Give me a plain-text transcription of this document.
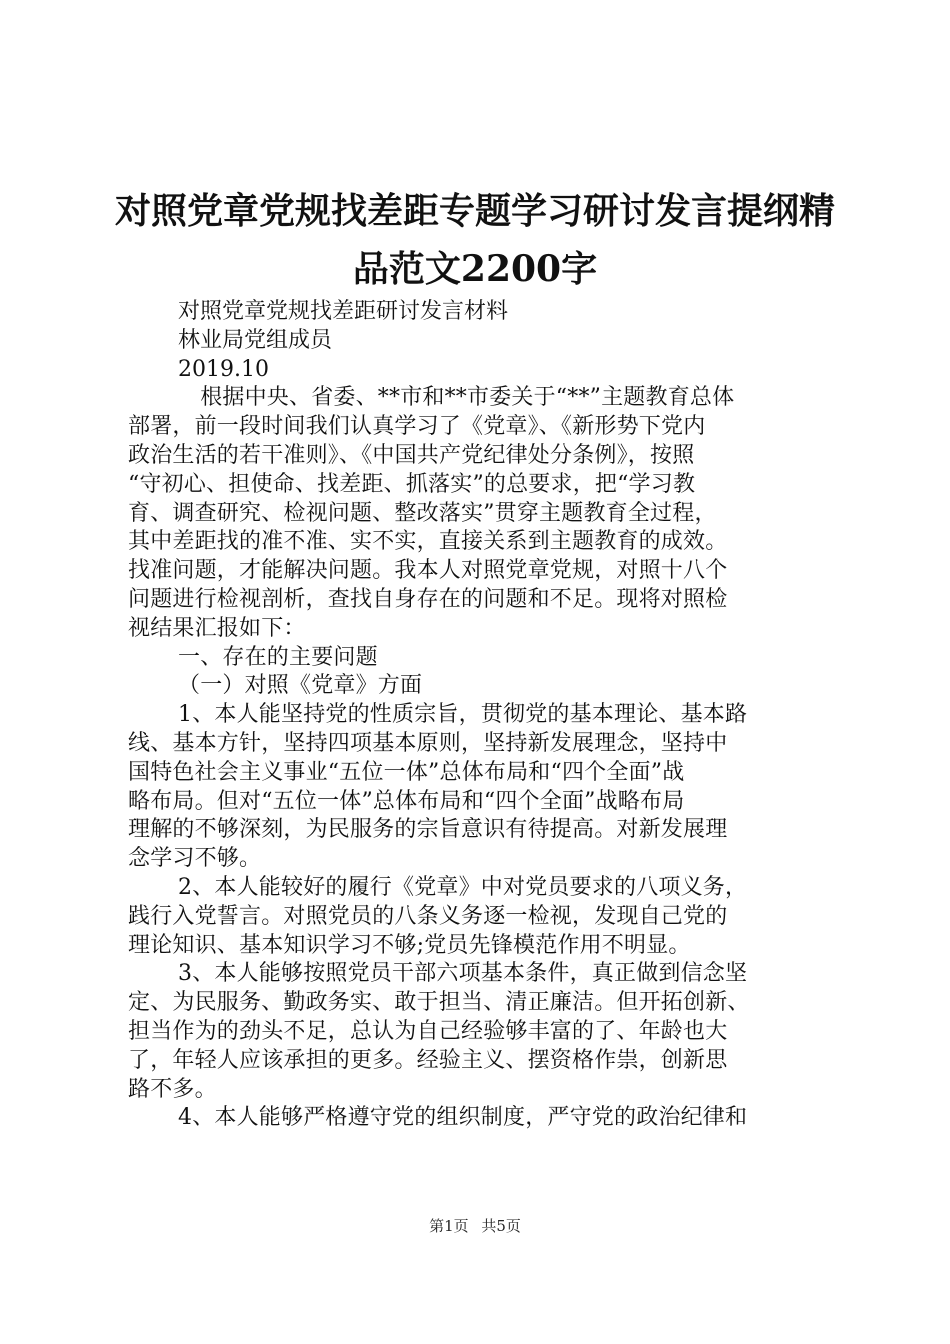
对照党章党规找差距专题学习研讨发言提纲精
品范文2200字
对照党章党规找差距研讨发言材料
林业局党组成员
2019.10
　根据中央、省委、**市和**市委关于“**”主题教育总体
部署，前一段时间我们认真学习了《党章》、《新形势下党内
政治生活的若干准则》、《中国共产党纪律处分条例》，按照
“守初心、担使命、找差距、抓落实”的总要求，把“学习教
育、调查研究、检视问题、整改落实”贯穿主题教育全过程，
其中差距找的准不准、实不实，直接关系到主题教育的成效。
找准问题，才能解决问题。我本人对照党章党规，对照十八个
问题进行检视剖析，查找自身存在的问题和不足。现将对照检
视结果汇报如下：
一、存在的主要问题
（一）对照《党章》方面
1、本人能坚持党的性质宗旨，贯彻党的基本理论、基本路
线、基本方针，坚持四项基本原则，坚持新发展理念，坚持中
国特色社会主义事业“五位一体”总体布局和“四个全面”战
略布局。但对“五位一体”总体布局和“四个全面”战略布局
理解的不够深刻，为民服务的宗旨意识有待提高。对新发展理
念学习不够。
2、本人能较好的履行《党章》中对党员要求的八项义务，
践行入党誓言。对照党员的八条义务逐一检视，发现自己党的
理论知识、基本知识学习不够;党员先锋模范作用不明显。
3、本人能够按照党员干部六项基本条件，真正做到信念坚
定、为民服务、勤政务实、敢于担当、清正廉洁。但开拓创新、
担当作为的劲头不足，总认为自己经验够丰富的了、年龄也大
了，年轻人应该承担的更多。经验主义、摆资格作祟，创新思
路不多。
4、本人能够严格遵守党的组织制度，严守党的政治纪律和
第1页 共5页
